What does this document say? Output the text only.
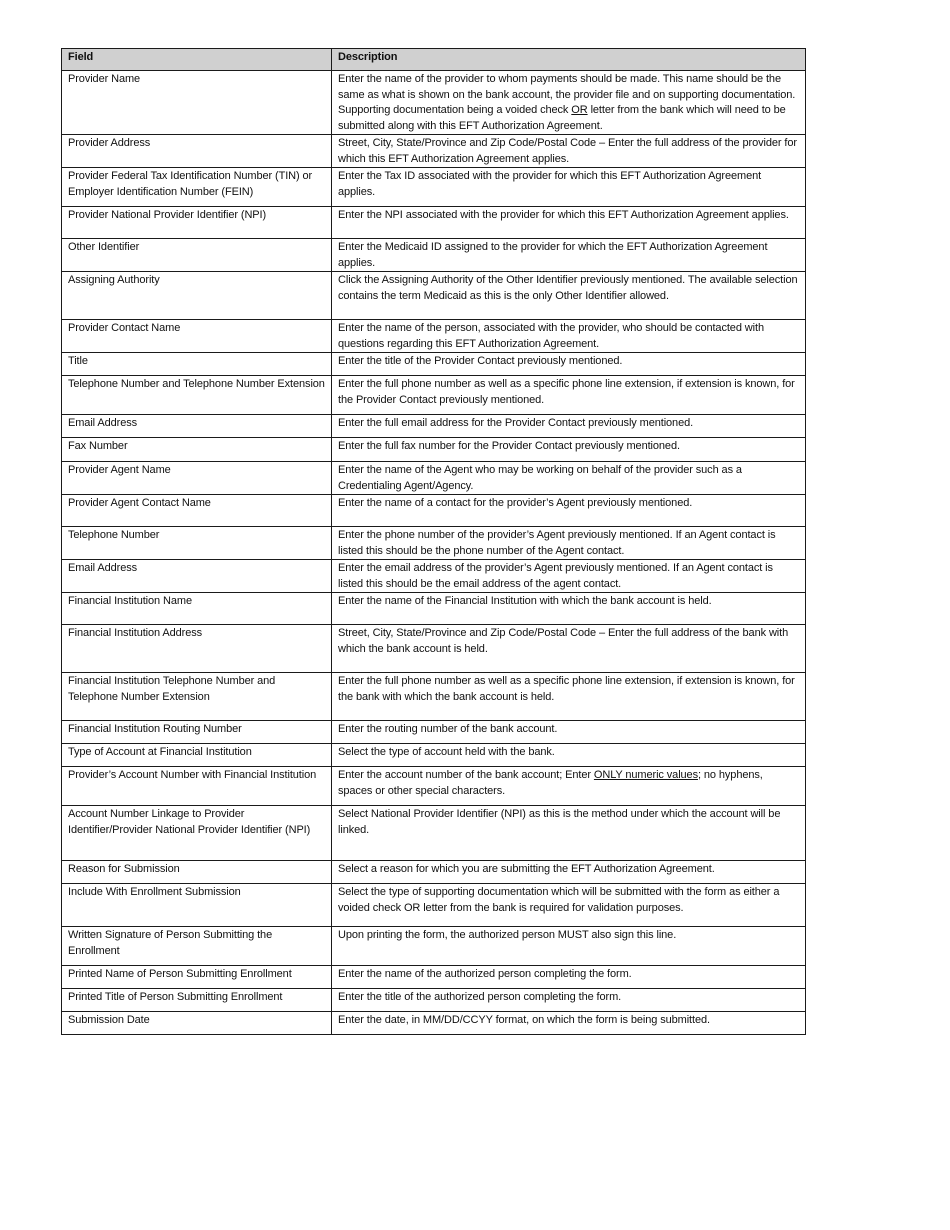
Field	Description
Provider Name	Enter the name of the provider to whom payments should be made. This name should be the same as what is shown on the bank account, the provider file and on supporting documentation. Supporting documentation being a voided check OR letter from the bank which will need to be submitted along with this EFT Authorization Agreement.
Provider Address	Street, City, State/Province and Zip Code/Postal Code – Enter the full address of the provider for which this EFT Authorization Agreement applies.
Provider Federal Tax Identification Number (TIN) or Employer Identification Number (FEIN)	Enter the Tax ID associated with the provider for which this EFT Authorization Agreement applies.
Provider National Provider Identifier (NPI)	Enter the NPI associated with the provider for which this EFT Authorization Agreement applies.
Other Identifier	Enter the Medicaid ID assigned to the provider for which the EFT Authorization Agreement applies.
Assigning Authority	Click the Assigning Authority of the Other Identifier previously mentioned. The available selection contains the term Medicaid as this is the only Other Identifier allowed.
Provider Contact Name	Enter the name of the person, associated with the provider, who should be contacted with questions regarding this EFT Authorization Agreement.
Title	Enter the title of the Provider Contact previously mentioned.
Telephone Number and Telephone Number Extension	Enter the full phone number as well as a specific phone line extension, if extension is known, for the Provider Contact previously mentioned.
Email Address	Enter the full email address for the Provider Contact previously mentioned.
Fax Number	Enter the full fax number for the Provider Contact previously mentioned.
Provider Agent Name	Enter the name of the Agent who may be working on behalf of the provider such as a Credentialing Agent/Agency.
Provider Agent Contact Name	Enter the name of a contact for the provider’s Agent previously mentioned.
Telephone Number	Enter the phone number of the provider’s Agent previously mentioned. If an Agent contact is listed this should be the phone number of the Agent contact.
Email Address	Enter the email address of the provider’s Agent previously mentioned. If an Agent contact is listed this should be the email address of the agent contact.
Financial Institution Name	Enter the name of the Financial Institution with which the bank account is held.
Financial Institution Address	Street, City, State/Province and Zip Code/Postal Code – Enter the full address of the bank with which the bank account is held.
Financial Institution Telephone Number and Telephone Number Extension	Enter the full phone number as well as a specific phone line extension, if extension is known, for the bank with which the bank account is held.
Financial Institution Routing Number	Enter the routing number of the bank account.
Type of Account at Financial Institution	Select the type of account held with the bank.
Provider’s Account Number with Financial Institution	Enter the account number of the bank account; Enter ONLY numeric values; no hyphens, spaces or other special characters.
Account Number Linkage to Provider Identifier/Provider National Provider Identifier (NPI)	Select National Provider Identifier (NPI) as this is the method under which the account will be linked.
Reason for Submission	Select a reason for which you are submitting the EFT Authorization Agreement.
Include With Enrollment Submission	Select the type of supporting documentation which will be submitted with the form as either a voided check OR letter from the bank is required for validation purposes.
Written Signature of Person Submitting the Enrollment	Upon printing the form, the authorized person MUST also sign this line.
Printed Name of Person Submitting Enrollment	Enter the name of the authorized person completing the form.
Printed Title of Person Submitting Enrollment	Enter the title of the authorized person completing the form.
Submission Date	Enter the date, in MM/DD/CCYY format, on which the form is being submitted.
